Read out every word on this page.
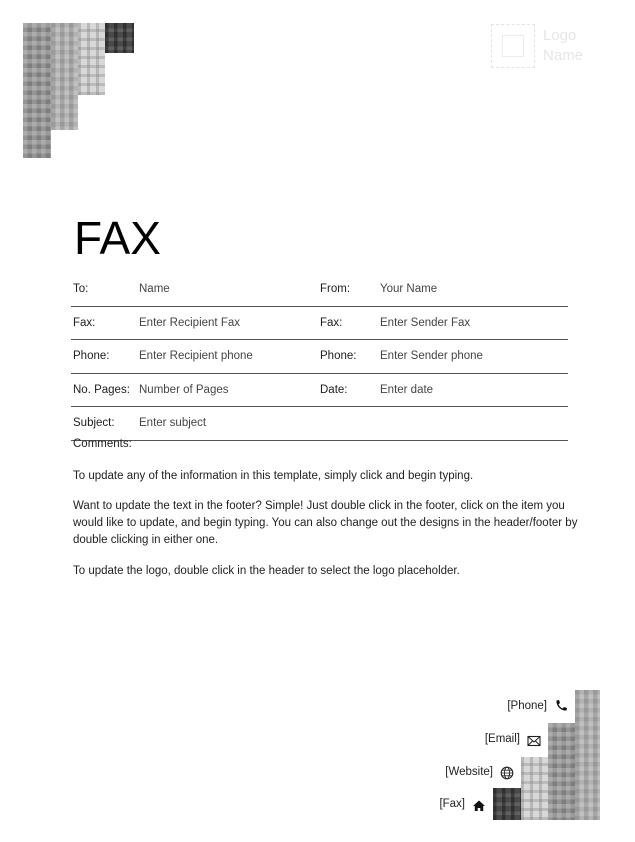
Logo
Name
FAX
To:	Name	From:	Your Name
Fax:	Enter Recipient Fax	Fax:	Enter Sender Fax
Phone:	Enter Recipient phone	Phone: Enter Sender phone
No. Pages: Number of Pages	Date:	Enter date
Subject: Enter subject
Comments:

To update any of the information in this template, simply click and begin typing.

Want to update the text in the footer? Simple! Just double click in the footer, click on the item you would like to update, and begin typing. You can also change out the designs in the header/footer by double clicking in either one.

To update the logo, double click in the header to select the logo placeholder.

[Phone]
[Email]
[Website]
[Fax]
